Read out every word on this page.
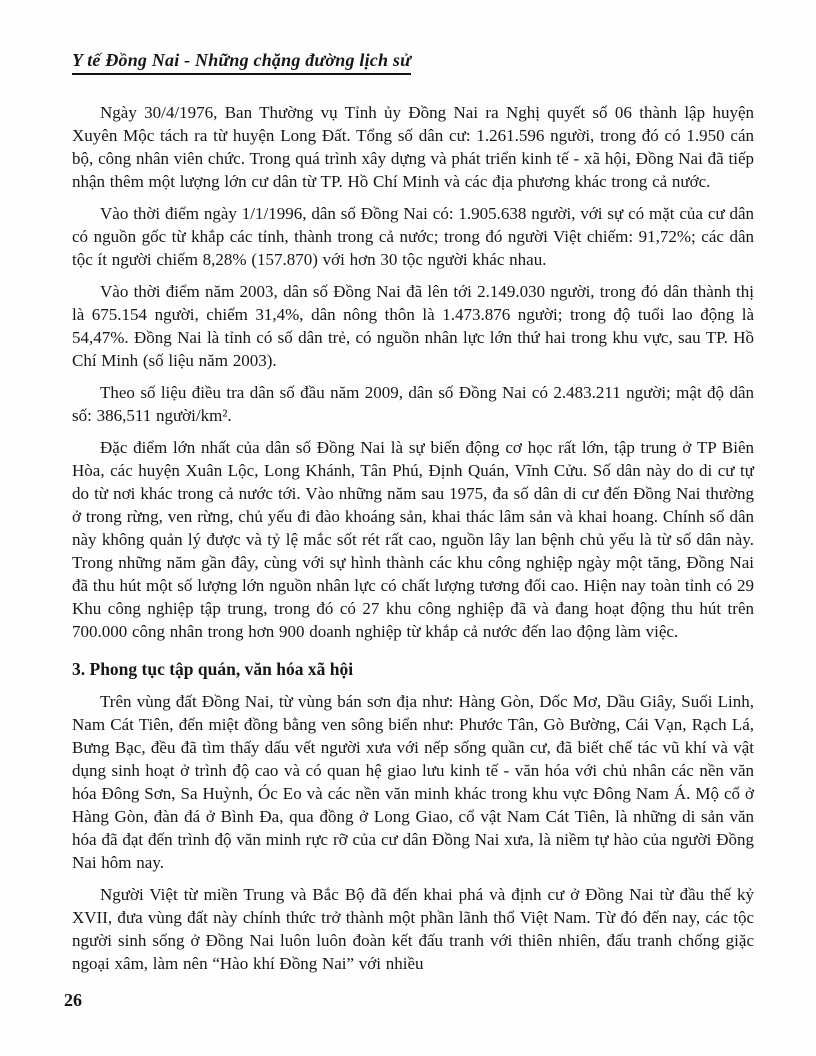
Y tế Đồng Nai - Những chặng đường lịch sử

Ngày 30/4/1976, Ban Thường vụ Tỉnh ủy Đồng Nai ra Nghị quyết số 06 thành lập huyện Xuyên Mộc tách ra từ huyện Long Đất. Tổng số dân cư: 1.261.596 người, trong đó có 1.950 cán bộ, công nhân viên chức. Trong quá trình xây dựng và phát triển kinh tế - xã hội, Đồng Nai đã tiếp nhận thêm một lượng lớn cư dân từ TP. Hồ Chí Minh và các địa phương khác trong cả nước.

Vào thời điểm ngày 1/1/1996, dân số Đồng Nai có: 1.905.638 người, với sự có mặt của cư dân có nguồn gốc từ khắp các tỉnh, thành trong cả nước; trong đó người Việt chiếm: 91,72%; các dân tộc ít người chiếm 8,28% (157.870) với hơn 30 tộc người khác nhau.

Vào thời điểm năm 2003, dân số Đồng Nai đã lên tới 2.149.030 người, trong đó dân thành thị là 675.154 người, chiếm 31,4%, dân nông thôn là 1.473.876 người; trong độ tuổi lao động là 54,47%. Đồng Nai là tỉnh có số dân trẻ, có nguồn nhân lực lớn thứ hai trong khu vực, sau TP. Hồ Chí Minh (số liệu năm 2003).

Theo số liệu điều tra dân số đầu năm 2009, dân số Đồng Nai có 2.483.211 người; mật độ dân số: 386,511 người/km².

Đặc điểm lớn nhất của dân số Đồng Nai là sự biến động cơ học rất lớn, tập trung ở TP Biên Hòa, các huyện Xuân Lộc, Long Khánh, Tân Phú, Định Quán, Vĩnh Cửu. Số dân này do di cư tự do từ nơi khác trong cả nước tới. Vào những năm sau 1975, đa số dân di cư đến Đồng Nai thường ở trong rừng, ven rừng, chủ yếu đi đào khoáng sản, khai thác lâm sản và khai hoang. Chính số dân này không quản lý được và tỷ lệ mắc sốt rét rất cao, nguồn lây lan bệnh chủ yếu là từ số dân này. Trong những năm gần đây, cùng với sự hình thành các khu công nghiệp ngày một tăng, Đồng Nai đã thu hút một số lượng lớn nguồn nhân lực có chất lượng tương đối cao. Hiện nay toàn tỉnh có 29 Khu công nghiệp tập trung, trong đó có 27 khu công nghiệp đã và đang hoạt động thu hút trên 700.000 công nhân trong hơn 900 doanh nghiệp từ khắp cả nước đến lao động làm việc.

3. Phong tục tập quán, văn hóa xã hội

Trên vùng đất Đồng Nai, từ vùng bán sơn địa như: Hàng Gòn, Dốc Mơ, Dầu Giây, Suối Linh, Nam Cát Tiên, đến miệt đồng bằng ven sông biển như: Phước Tân, Gò Bường, Cái Vạn, Rạch Lá, Bưng Bạc, đều đã tìm thấy dấu vết người xưa với nếp sống quần cư, đã biết chế tác vũ khí và vật dụng sinh hoạt ở trình độ cao và có quan hệ giao lưu kinh tế - văn hóa với chủ nhân các nền văn hóa Đông Sơn, Sa Huỳnh, Óc Eo và các nền văn minh khác trong khu vực Đông Nam Á. Mộ cổ ở Hàng Gòn, đàn đá ở Bình Đa, qua đồng ở Long Giao, cổ vật Nam Cát Tiên, là những di sản văn hóa đã đạt đến trình độ văn minh rực rỡ của cư dân Đồng Nai xưa, là niềm tự hào của người Đồng Nai hôm nay.

Người Việt từ miền Trung và Bắc Bộ đã đến khai phá và định cư ở Đồng Nai từ đầu thế kỷ XVII, đưa vùng đất này chính thức trở thành một phần lãnh thổ Việt Nam. Từ đó đến nay, các tộc người sinh sống ở Đồng Nai luôn luôn đoàn kết đấu tranh với thiên nhiên, đấu tranh chống giặc ngoại xâm, làm nên “Hào khí Đồng Nai” với nhiều

26
